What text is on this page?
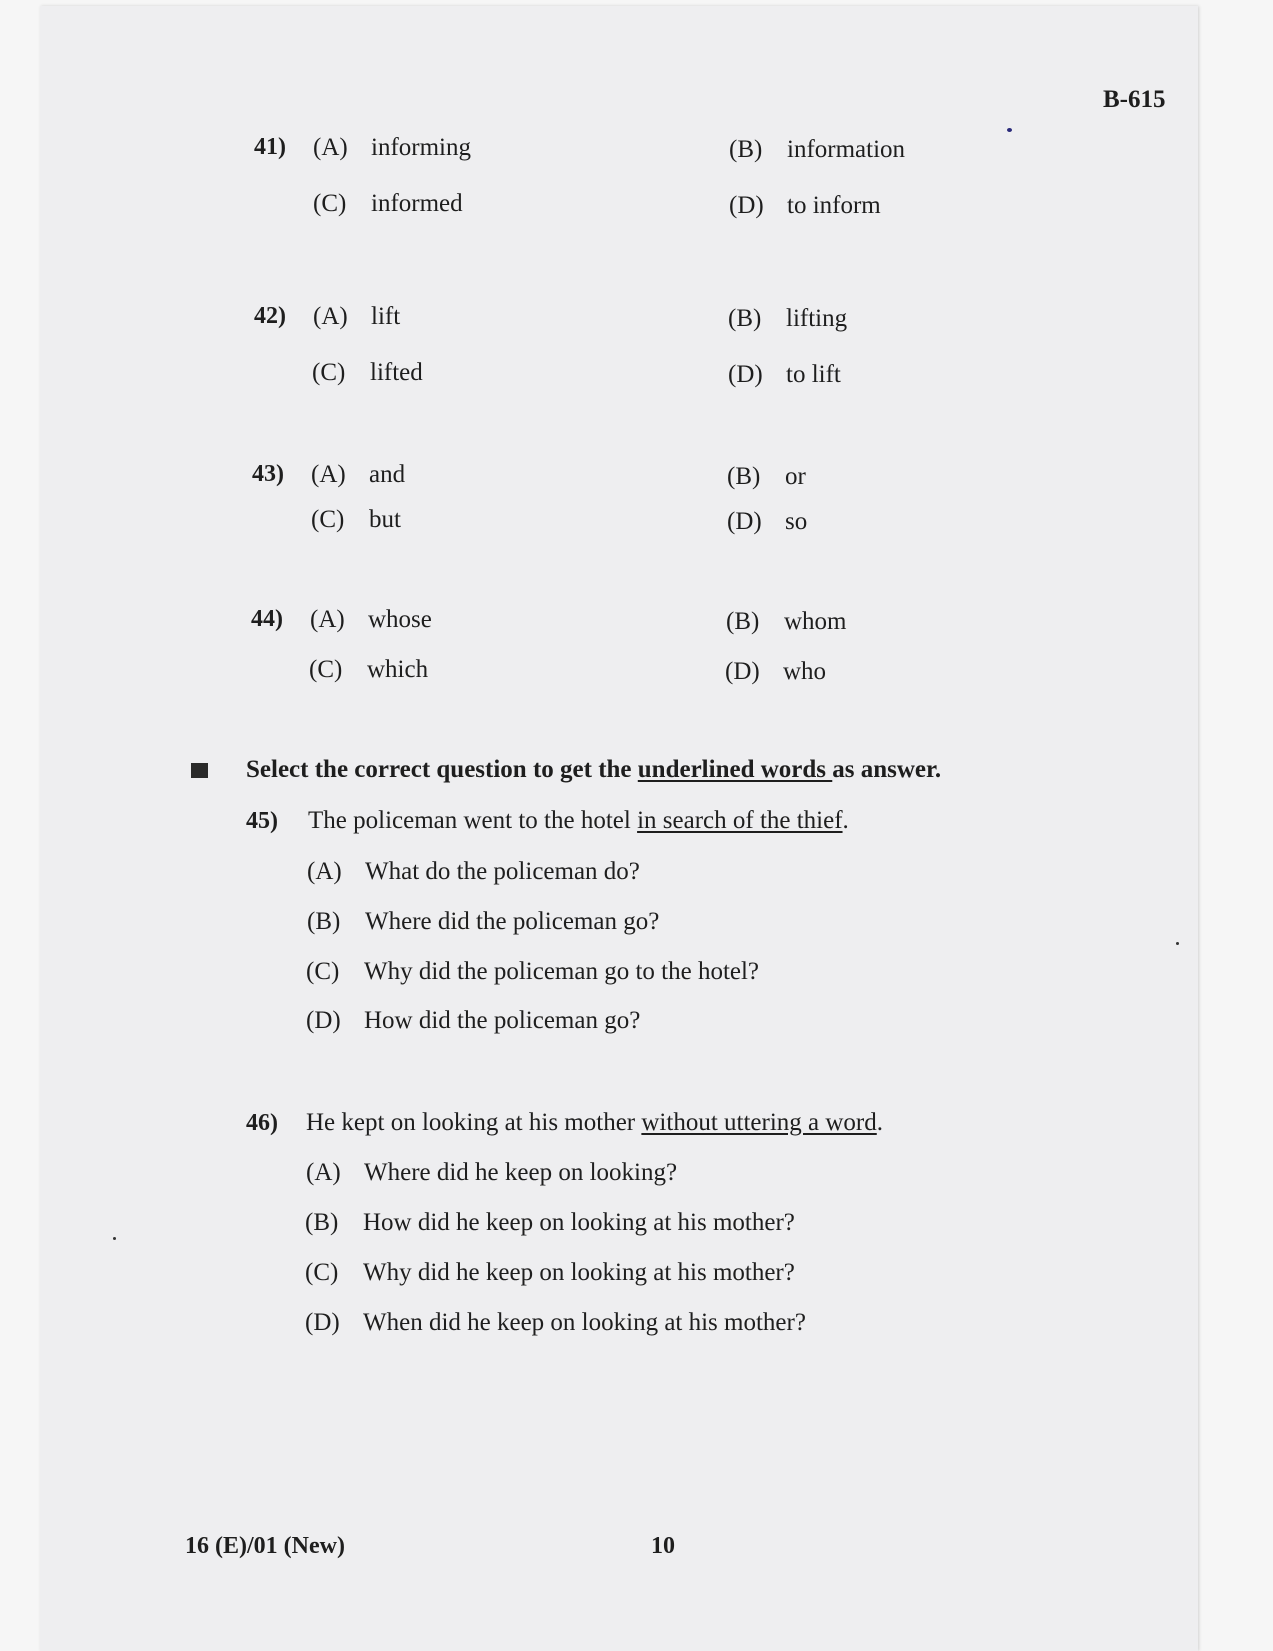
B-615
41) (A) informing	(B) information
(C) informed	(D) to inform
42) (A) lift	(B) lifting
(C) lifted	(D) to lift
43) (A) and	(B) or
(C) but	(D) so
44) (A) whose	(B) whom
(C) which	(D) who
Select the correct question to get the underlined words as answer.
45) The policeman went to the hotel in search of the thief.
(A) What do the policeman do?
(B) Where did the policeman go?
(C) Why did the policeman go to the hotel?
(D) How did the policeman go?
46) He kept on looking at his mother without uttering a word.
(A) Where did he keep on looking?
(B) How did he keep on looking at his mother?
(C) Why did he keep on looking at his mother?
(D) When did he keep on looking at his mother?
16 (E)/01 (New)	10
